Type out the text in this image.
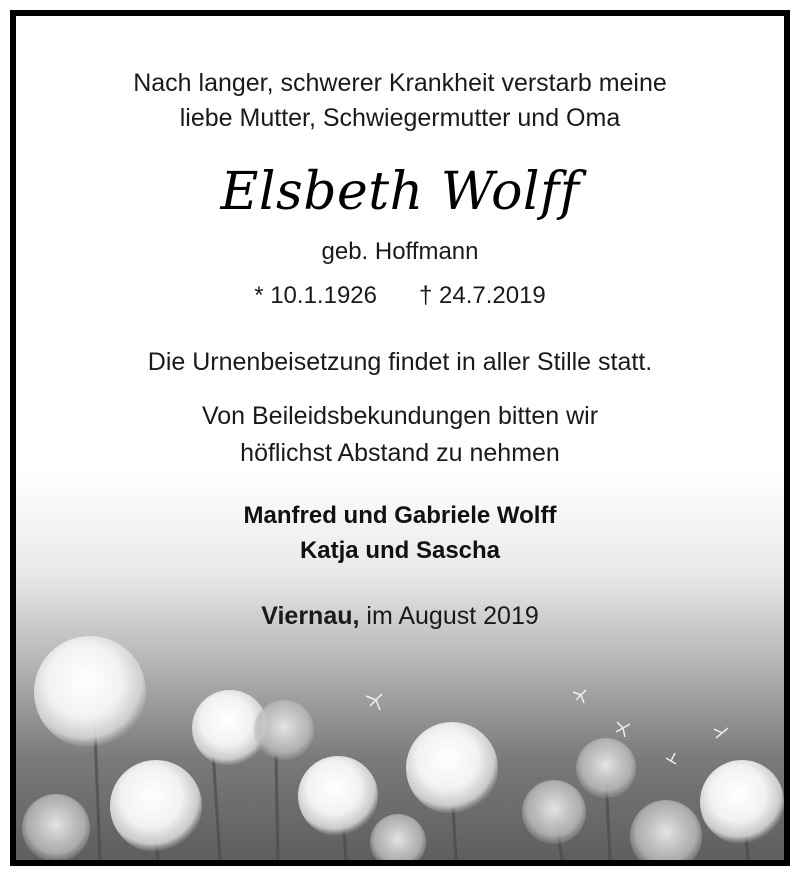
Nach langer, schwerer Krankheit verstarb meine
liebe Mutter, Schwiegermutter und Oma
Elsbeth Wolff
geb. Hoffmann
* 10.1.1926 † 24.7.2019
Die Urnenbeisetzung findet in aller Stille statt.
Von Beileidsbekundungen bitten wir
höflichst Abstand zu nehmen
Manfred und Gabriele Wolff
Katja und Sascha
Viernau, im August 2019
